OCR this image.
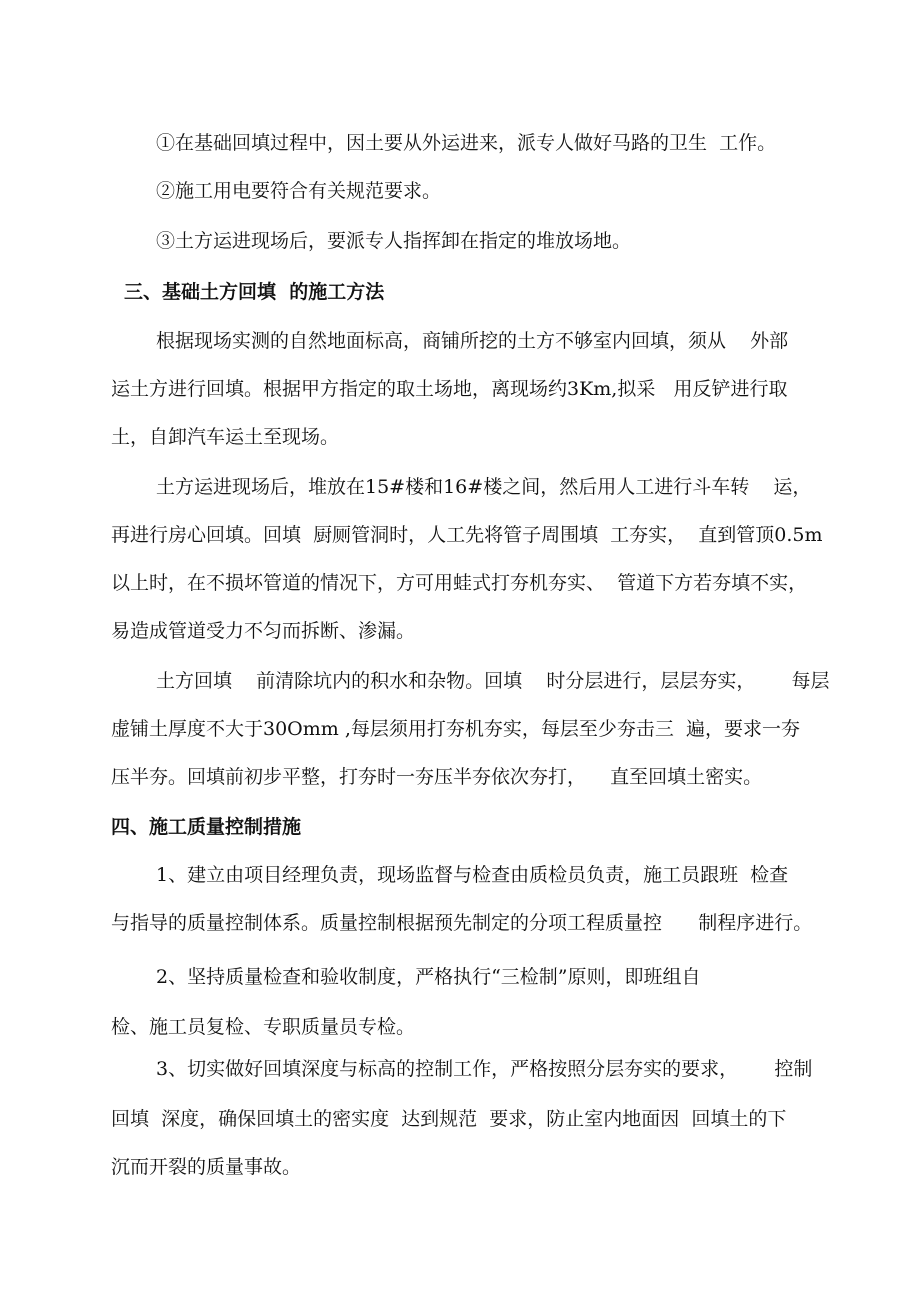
①在基础回填过程中，因土要从外运进来，派专人做好马路的卫生  工作。

②施工用电要符合有关规范要求。

③土方运进现场后，要派专人指挥卸在指定的堆放场地。

三、基础土方回填  的施工方法

根据现场实测的自然地面标高，商铺所挖的土方不够室内回填，须从    外部

运土方进行回填。根据甲方指定的取土场地，离现场约3Km,拟采   用反铲进行取

土，自卸汽车运土至现场。

土方运进现场后，堆放在15#楼和16#楼之间，然后用人工进行斗车转    运，

再进行房心回填。回填  厨厕管洞时，人工先将管子周围填  工夯实，  直到管顶0.5m

以上时，在不损坏管道的情况下，方可用蛙式打夯机夯实、  管道下方若夯填不实，

易造成管道受力不匀而拆断、渗漏。

土方回填    前清除坑内的积水和杂物。回填    时分层进行，层层夯实，      每层

虚铺土厚度不大于30Omm ,每层须用打夯机夯实，每层至少夯击三  遍，要求一夯

压半夯。回填前初步平整，打夯时一夯压半夯依次夯打，    直至回填土密实。

四、施工质量控制措施

1、建立由项目经理负责，现场监督与检查由质检员负责，施工员跟班  检查

与指导的质量控制体系。质量控制根据预先制定的分项工程质量控      制程序进行。

2、坚持质量检查和验收制度，严格执行“三检制”原则，即班组自

检、施工员复检、专职质量员专检。

3、切实做好回填深度与标高的控制工作，严格按照分层夯实的要求，      控制

回填  深度，确保回填土的密实度  达到规范  要求，防止室内地面因  回填土的下

沉而开裂的质量事故。
